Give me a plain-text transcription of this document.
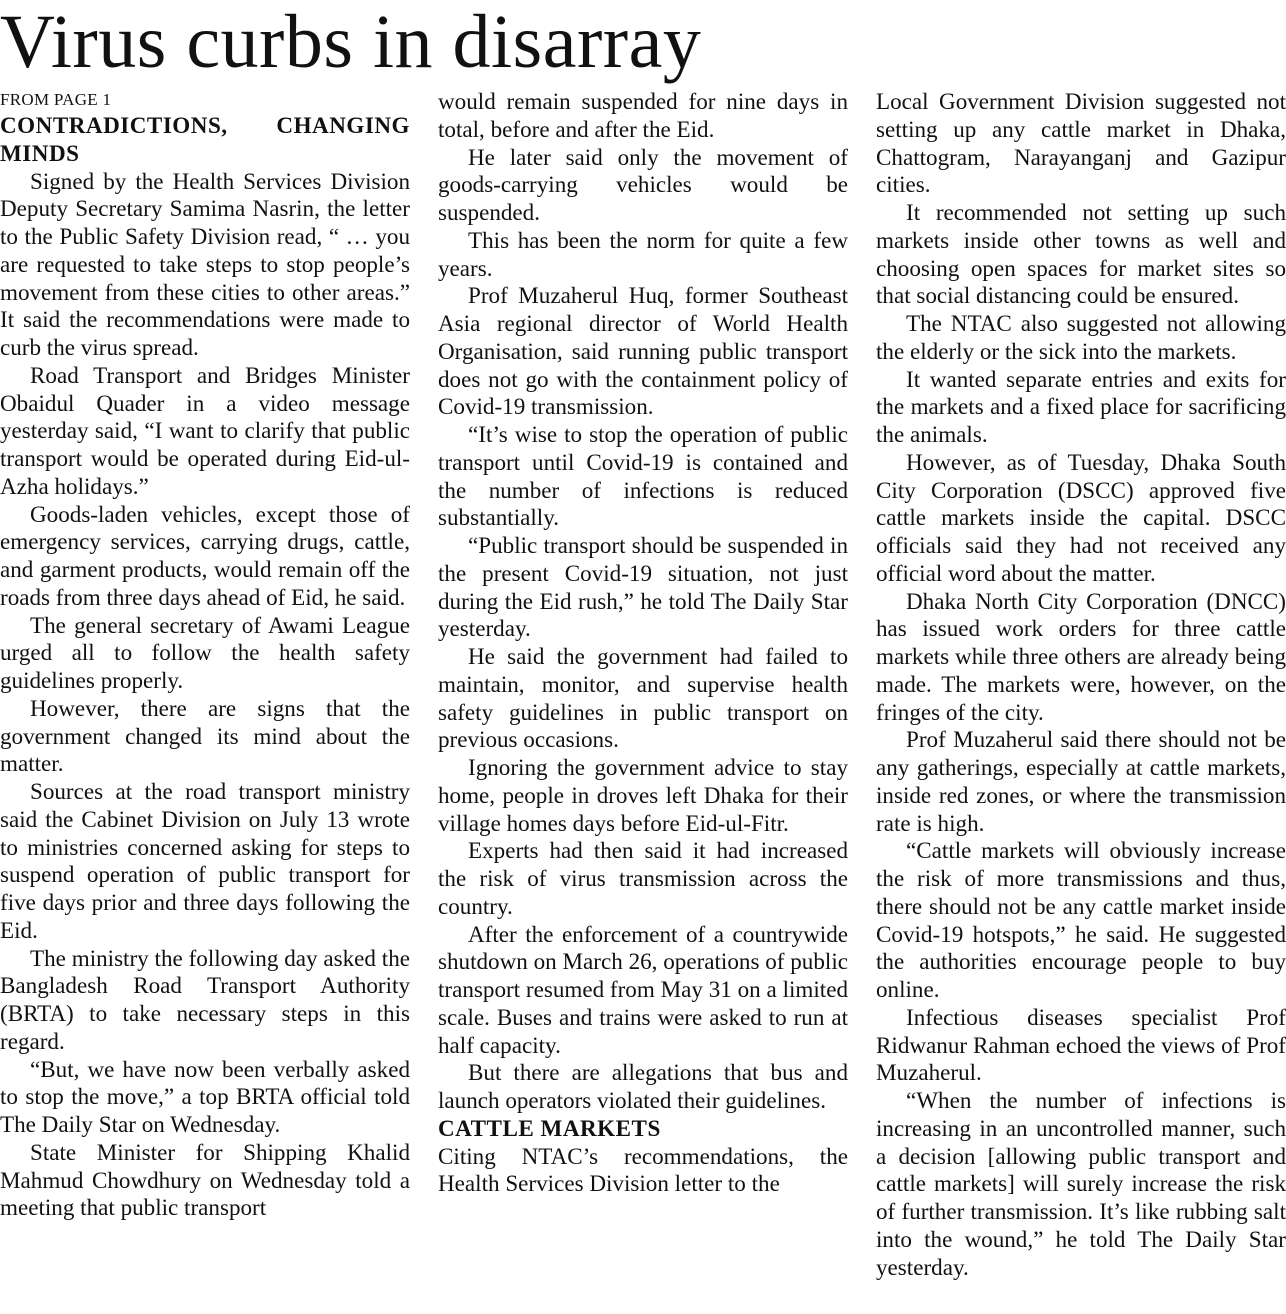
Virus curbs in disarray
FROM PAGE 1
CONTRADICTIONS, CHANGING MINDS

Signed by the Health Services Division Deputy Secretary Samima Nasrin, the letter to the Public Safety Division read, “ … you are requested to take steps to stop people’s movement from these cities to other areas.” It said the recommendations were made to curb the virus spread.

Road Transport and Bridges Minister Obaidul Quader in a video message yesterday said, “I want to clarify that public transport would be operated during Eid-ul-Azha holidays.”

Goods-laden vehicles, except those of emergency services, carrying drugs, cattle, and garment products, would remain off the roads from three days ahead of Eid, he said.

The general secretary of Awami League urged all to follow the health safety guidelines properly.

However, there are signs that the government changed its mind about the matter.

Sources at the road transport ministry said the Cabinet Division on July 13 wrote to ministries concerned asking for steps to suspend operation of public transport for five days prior and three days following the Eid.

The ministry the following day asked the Bangladesh Road Transport Authority (BRTA) to take necessary steps in this regard.

“But, we have now been verbally asked to stop the move,” a top BRTA official told The Daily Star on Wednesday.

State Minister for Shipping Khalid Mahmud Chowdhury on Wednesday told a meeting that public transport

would remain suspended for nine days in total, before and after the Eid.

He later said only the movement of goods-carrying vehicles would be suspended.

This has been the norm for quite a few years.

Prof Muzaherul Huq, former Southeast Asia regional director of World Health Organisation, said running public transport does not go with the containment policy of Covid-19 transmission.

“It’s wise to stop the operation of public transport until Covid-19 is contained and the number of infections is reduced substantially.

“Public transport should be suspended in the present Covid-19 situation, not just during the Eid rush,” he told The Daily Star yesterday.

He said the government had failed to maintain, monitor, and supervise health safety guidelines in public transport on previous occasions.

Ignoring the government advice to stay home, people in droves left Dhaka for their village homes days before Eid-ul-Fitr.

Experts had then said it had increased the risk of virus transmission across the country.

After the enforcement of a countrywide shutdown on March 26, operations of public transport resumed from May 31 on a limited scale. Buses and trains were asked to run at half capacity.

But there are allegations that bus and launch operators violated their guidelines.

CATTLE MARKETS

Citing NTAC’s recommendations, the Health Services Division letter to the

Local Government Division suggested not setting up any cattle market in Dhaka, Chattogram, Narayanganj and Gazipur cities.

It recommended not setting up such markets inside other towns as well and choosing open spaces for market sites so that social distancing could be ensured.

The NTAC also suggested not allowing the elderly or the sick into the markets.

It wanted separate entries and exits for the markets and a fixed place for sacrificing the animals.

However, as of Tuesday, Dhaka South City Corporation (DSCC) approved five cattle markets inside the capital. DSCC officials said they had not received any official word about the matter.

Dhaka North City Corporation (DNCC) has issued work orders for three cattle markets while three others are already being made. The markets were, however, on the fringes of the city.

Prof Muzaherul said there should not be any gatherings, especially at cattle markets, inside red zones, or where the transmission rate is high.

“Cattle markets will obviously increase the risk of more transmissions and thus, there should not be any cattle market inside Covid-19 hotspots,” he said. He suggested the authorities encourage people to buy online.

Infectious diseases specialist Prof Ridwanur Rahman echoed the views of Prof Muzaherul.

“When the number of infections is increasing in an uncontrolled manner, such a decision [allowing public transport and cattle markets] will surely increase the risk of further transmission. It’s like rubbing salt into the wound,” he told The Daily Star yesterday.
